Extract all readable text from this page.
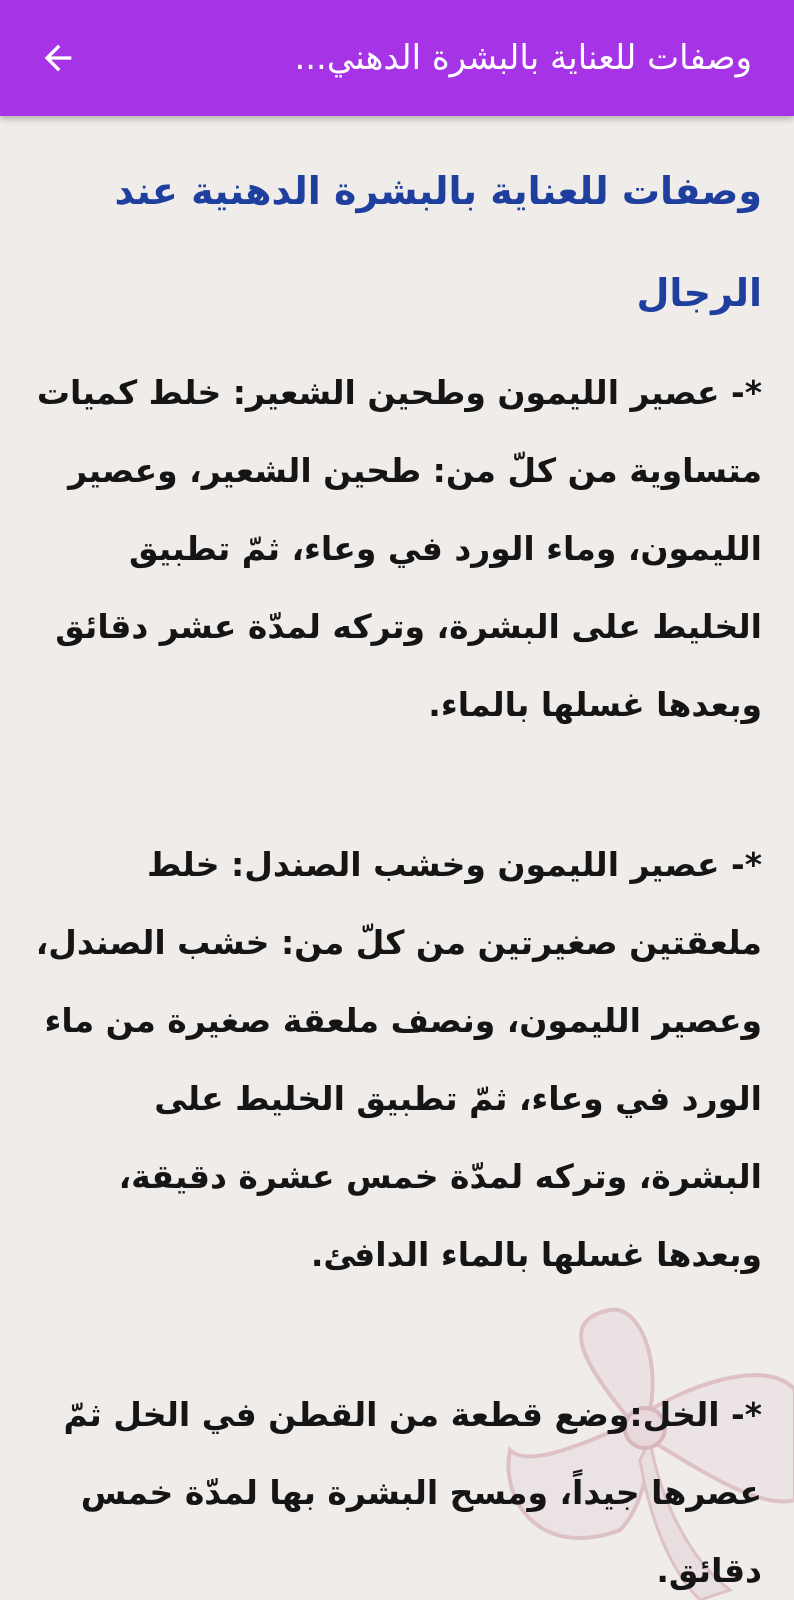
وصفات للعناية بالبشرة الدهني...
وصفات للعناية بالبشرة الدهنية عند الرجال

*- عصير الليمون وطحين الشعير: خلط كميات متساوية من كلّ من: طحين الشعير، وعصير الليمون، وماء الورد في وعاء، ثمّ تطبيق الخليط على البشرة، وتركه لمدّة عشر دقائق وبعدها غسلها بالماء.

*- عصير الليمون وخشب الصندل: خلط ملعقتين صغيرتين من كلّ من: خشب الصندل، وعصير الليمون، ونصف ملعقة صغيرة من ماء الورد في وعاء، ثمّ تطبيق الخليط على البشرة، وتركه لمدّة خمس عشرة دقيقة، وبعدها غسلها بالماء الدافئ.

*- الخل:وضع قطعة من القطن في الخل ثمّ عصرها جيداً، ومسح البشرة بها لمدّة خمس دقائق.
